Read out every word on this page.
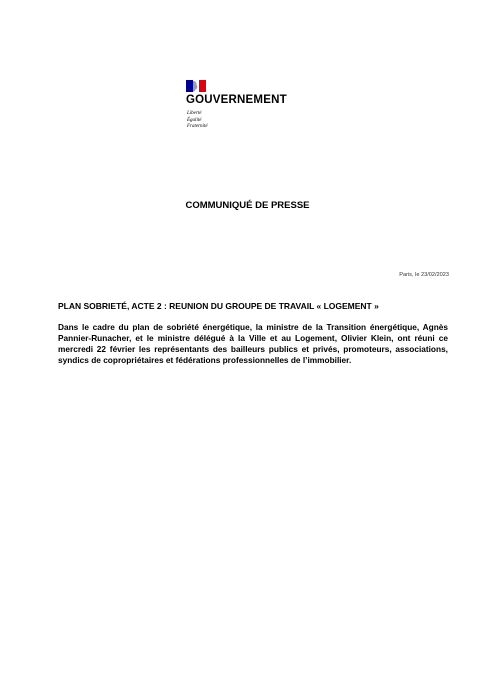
GOUVERNEMENT
Liberté
Égalité
Fraternité
COMMUNIQUÉ DE PRESSE
Paris, le 23/02/2023
PLAN SOBRIETÉ, ACTE 2 : REUNION DU GROUPE DE TRAVAIL « LOGEMENT »
Dans le cadre du plan de sobriété énergétique, la ministre de la Transition énergétique, Agnès Pannier-Runacher, et le ministre délégué à la Ville et au Logement, Olivier Klein, ont réuni ce mercredi 22 février les représentants des bailleurs publics et privés, promoteurs, associations, syndics de copropriétaires et fédérations professionnelles de l’immobilier.
